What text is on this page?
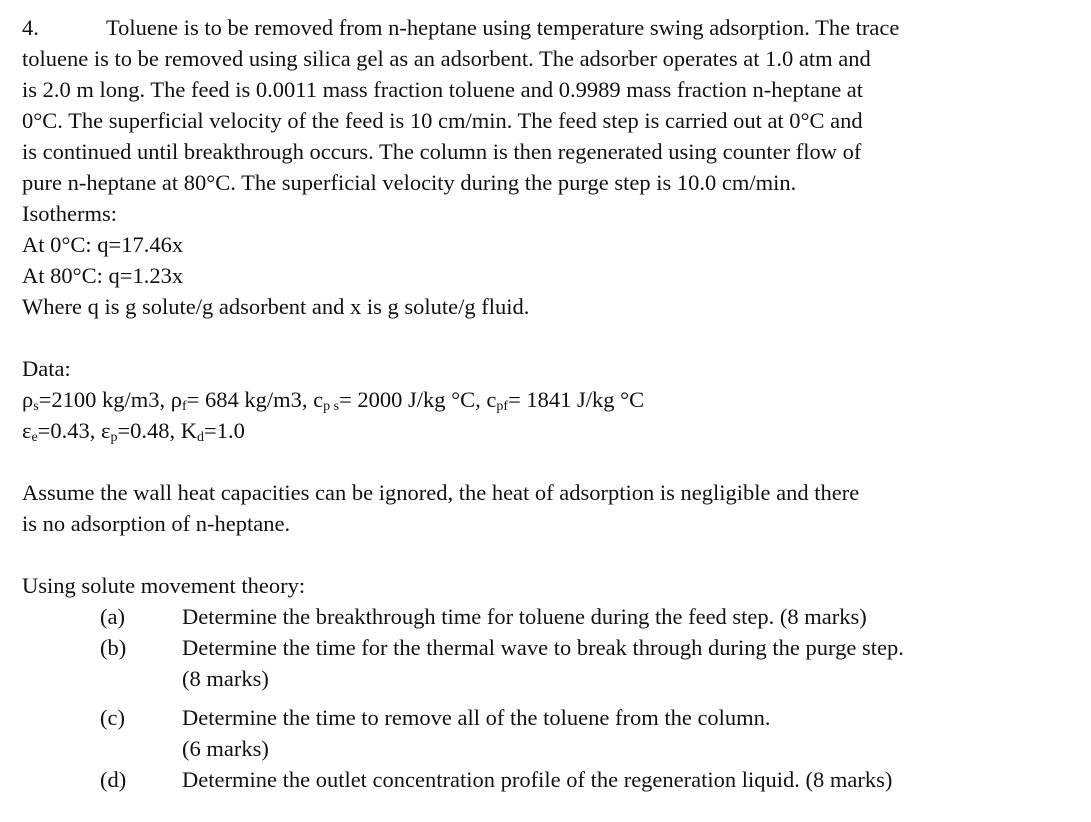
4.	Toluene is to be removed from n-heptane using temperature swing adsorption. The trace
toluene is to be removed using silica gel as an adsorbent. The adsorber operates at 1.0 atm and
is 2.0 m long. The feed is 0.0011 mass fraction toluene and 0.9989 mass fraction n-heptane at
0°C. The superficial velocity of the feed is 10 cm/min. The feed step is carried out at 0°C and
is continued until breakthrough occurs. The column is then regenerated using counter flow of
pure n-heptane at 80°C. The superficial velocity during the purge step is 10.0 cm/min.
Isotherms:
At 0°C: q=17.46x
At 80°C: q=1.23x
Where q is g solute/g adsorbent and x is g solute/g fluid.
Data:
$\rho_s=2100$ kg/m3, $\rho_f= 684$ kg/m3, $c_{p s}= 2000$ J/kg °C, $c_{pf}= 1841$ J/kg °C
$\varepsilon_e=0.43$, $\varepsilon_p=0.48$, $K_d=1.0$
Assume the wall heat capacities can be ignored, the heat of adsorption is negligible and there
is no adsorption of n-heptane.
Using solute movement theory:
(a)	Determine the breakthrough time for toluene during the feed step. (8 marks)
(b)	Determine the time for the thermal wave to break through during the purge step.
(8 marks)
(c)	Determine the time to remove all of the toluene from the column.
(6 marks)
(d)	Determine the outlet concentration profile of the regeneration liquid. (8 marks)
